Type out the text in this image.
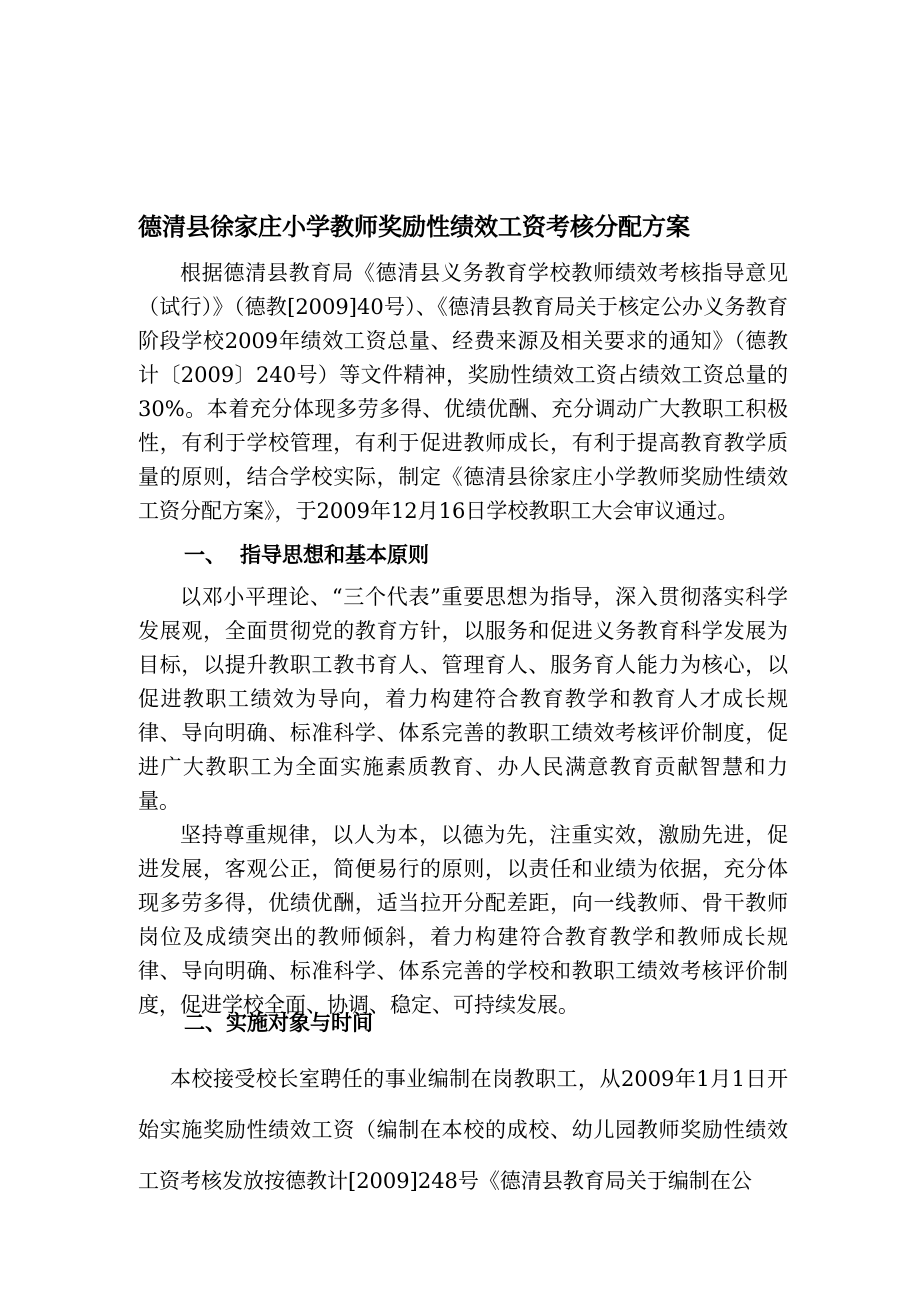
德清县徐家庄小学教师奖励性绩效工资考核分配方案

根据德清县教育局《德清县义务教育学校教师绩效考核指导意见（试行）》（德教[2009]40号）、《德清县教育局关于核定公办义务教育阶段学校2009年绩效工资总量、经费来源及相关要求的通知》（德教计〔2009〕240号）等文件精神，奖励性绩效工资占绩效工资总量的30%。本着充分体现多劳多得、优绩优酬、充分调动广大教职工积极性，有利于学校管理，有利于促进教师成长，有利于提高教育教学质量的原则，结合学校实际，制定《德清县徐家庄小学教师奖励性绩效工资分配方案》，于2009年12月16日学校教职工大会审议通过。

一、 指导思想和基本原则

以邓小平理论、“三个代表”重要思想为指导，深入贯彻落实科学发展观，全面贯彻党的教育方针，以服务和促进义务教育科学发展为目标，以提升教职工教书育人、管理育人、服务育人能力为核心，以促进教职工绩效为导向，着力构建符合教育教学和教育人才成长规律、导向明确、标准科学、体系完善的教职工绩效考核评价制度，促进广大教职工为全面实施素质教育、办人民满意教育贡献智慧和力量。

坚持尊重规律，以人为本，以德为先，注重实效，激励先进，促进发展，客观公正，简便易行的原则，以责任和业绩为依据，充分体现多劳多得，优绩优酬，适当拉开分配差距，向一线教师、骨干教师岗位及成绩突出的教师倾斜，着力构建符合教育教学和教师成长规律、导向明确、标准科学、体系完善的学校和教职工绩效考核评价制度，促进学校全面、协调、稳定、可持续发展。

二、实施对象与时间

本校接受校长室聘任的事业编制在岗教职工，从2009年1月1日开始实施奖励性绩效工资（编制在本校的成校、幼儿园教师奖励性绩效工资考核发放按德教计[2009]248号《德清县教育局关于编制在公
